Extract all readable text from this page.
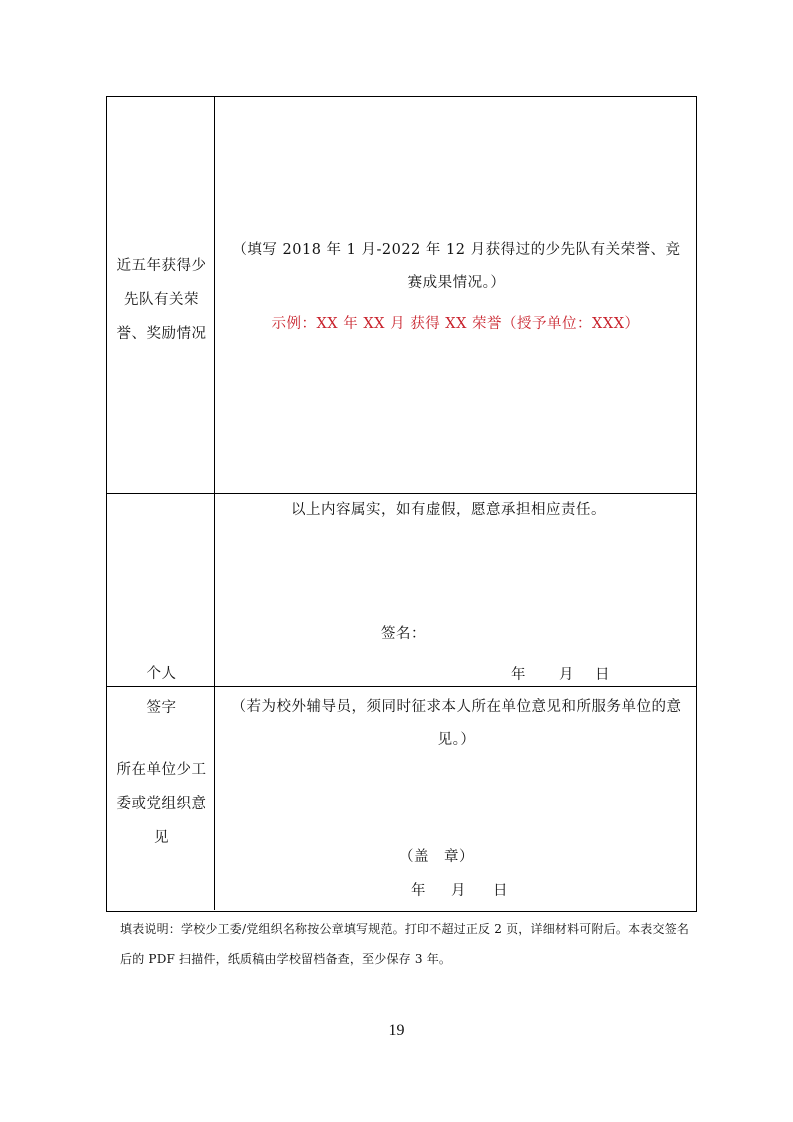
近五年获得少先队有关荣誉、奖励情况
（填写 2018 年 1 月-2022 年 12 月获得过的少先队有关荣誉、竞赛成果情况。）
示例：XX 年 XX 月 获得 XX 荣誉（授予单位：XXX）
个人
签字
以上内容属实，如有虚假，愿意承担相应责任。
签名：
年 月 日
所在单位少工委或党组织意见
（若为校外辅导员，须同时征求本人所在单位意见和所服务单位的意见。）
（盖　章）
年 月 日
填表说明：学校少工委/党组织名称按公章填写规范。打印不超过正反 2 页，详细材料可附后。本表交签名后的 PDF 扫描件，纸质稿由学校留档备查，至少保存 3 年。
19
